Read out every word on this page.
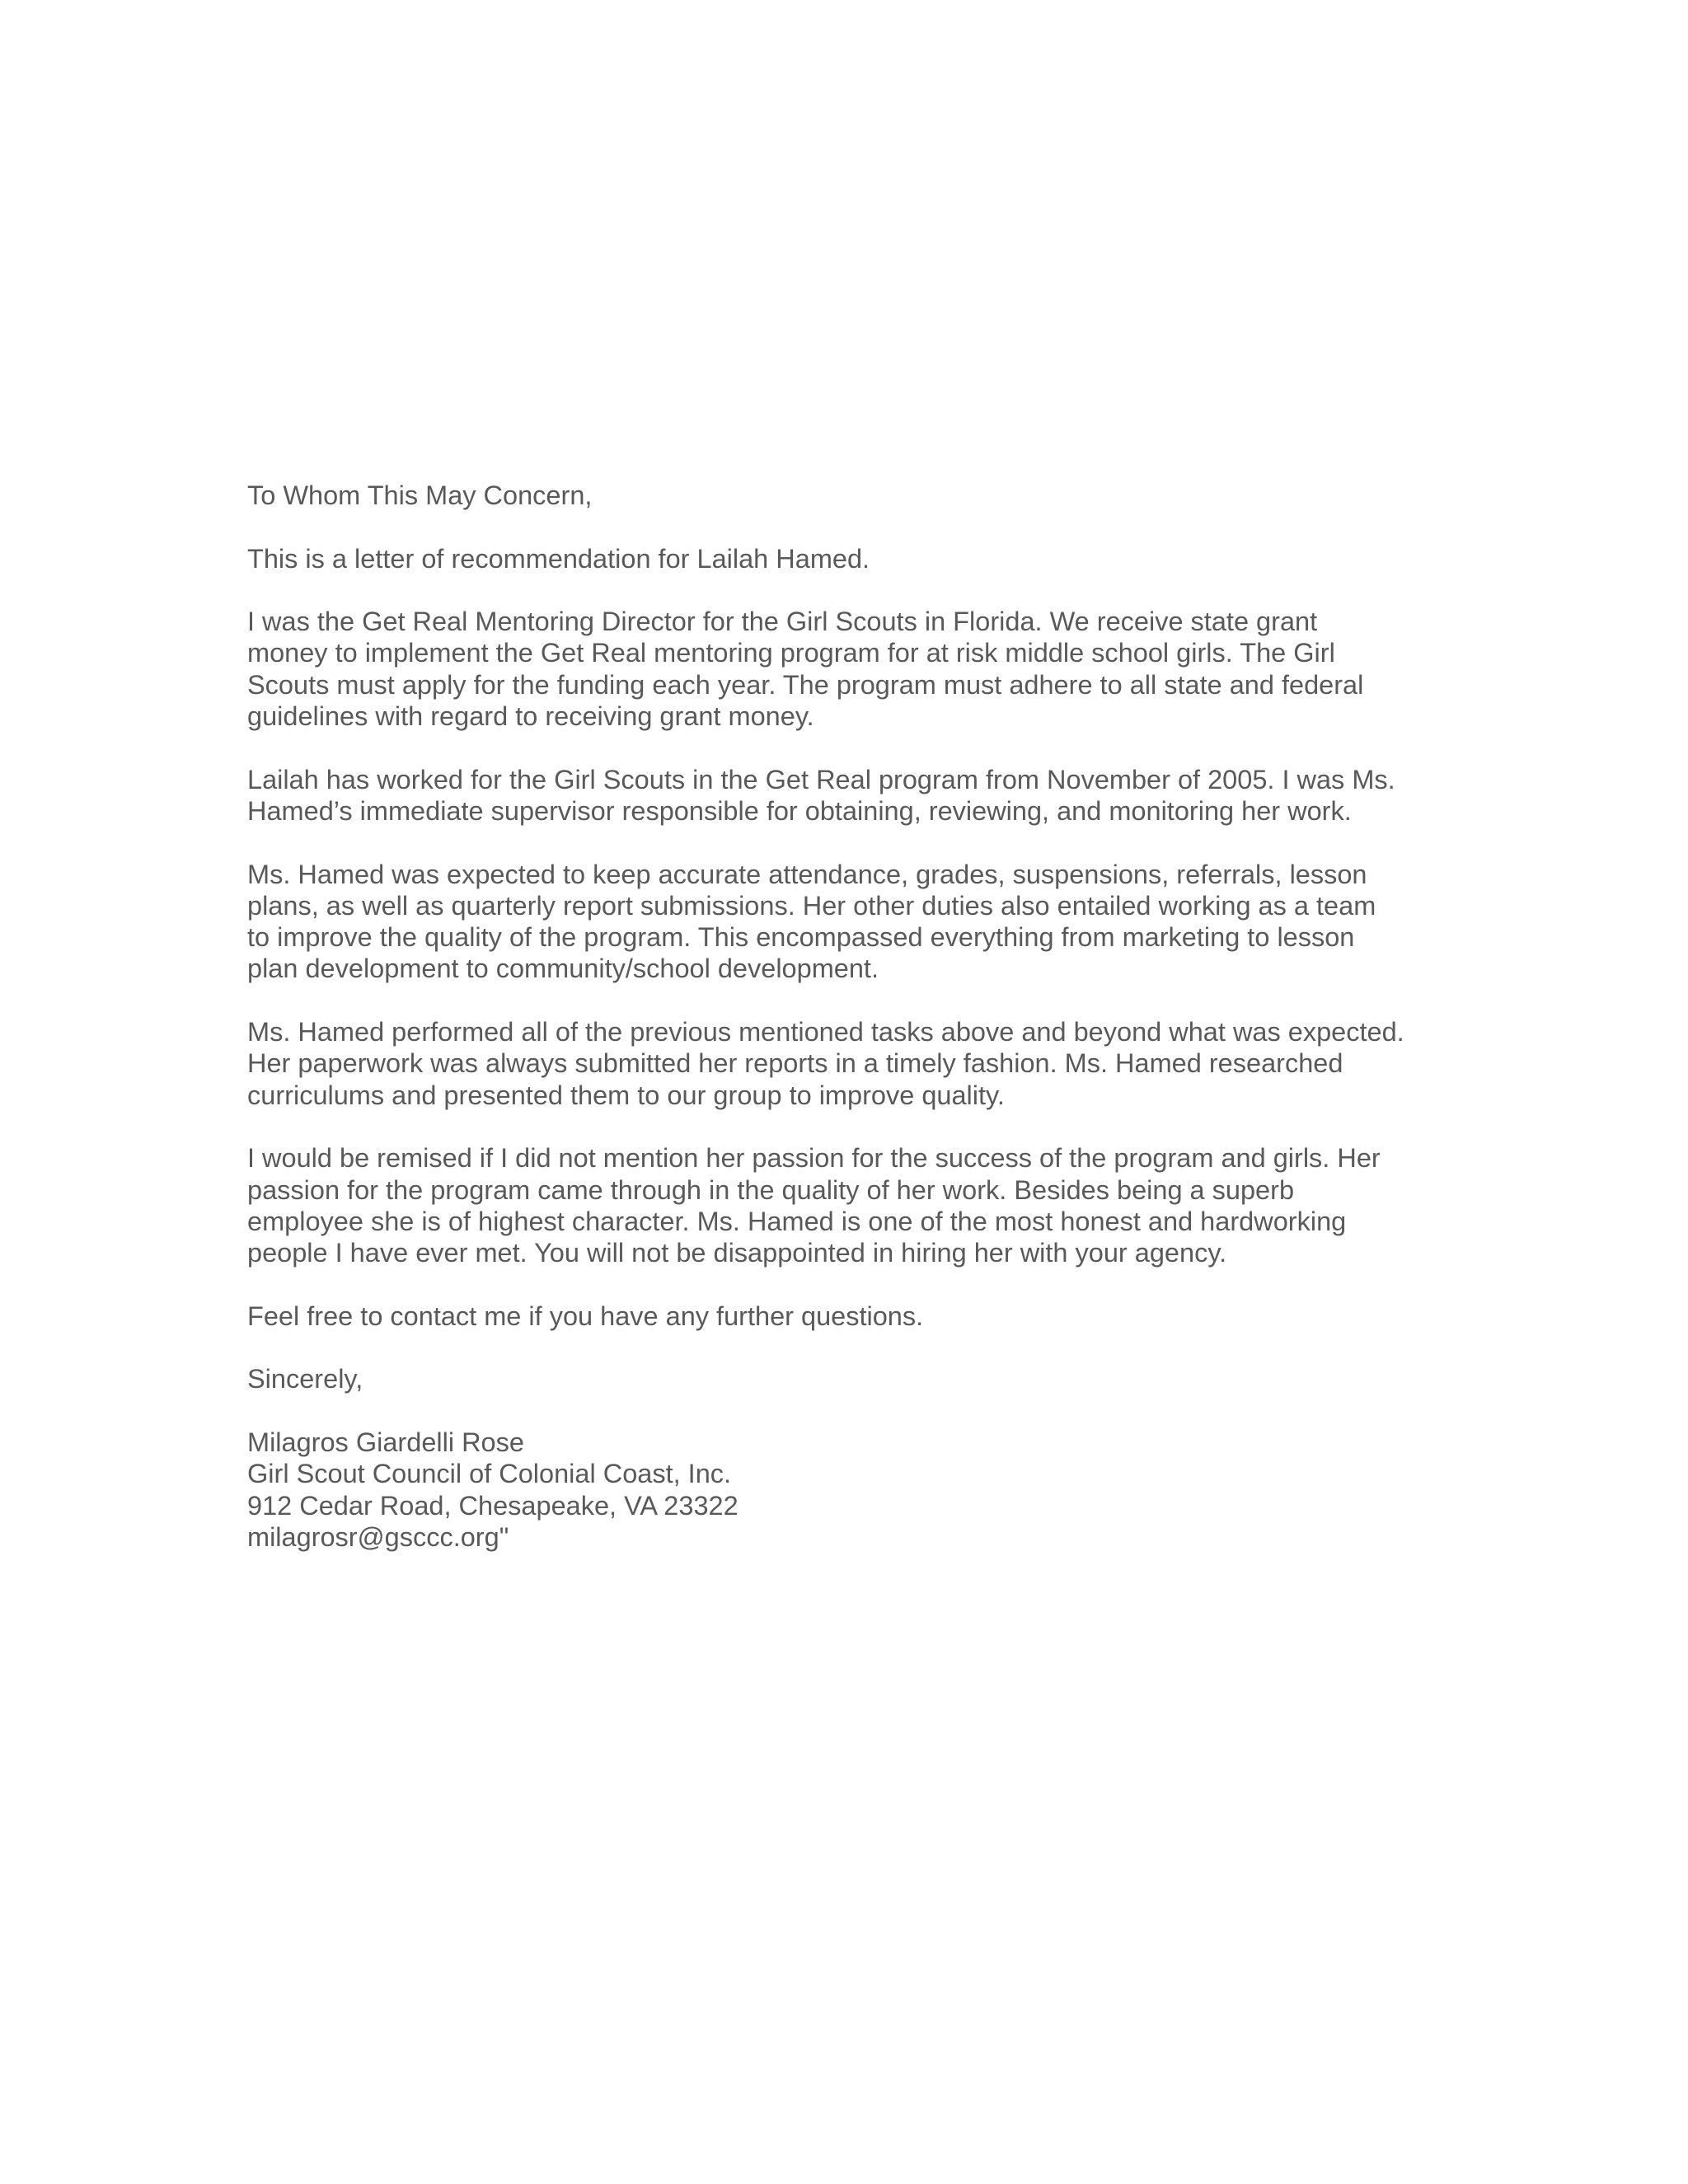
To Whom This May Concern,

This is a letter of recommendation for Lailah Hamed.

I was the Get Real Mentoring Director for the Girl Scouts in Florida. We receive state grant
money to implement the Get Real mentoring program for at risk middle school girls. The Girl
Scouts must apply for the funding each year. The program must adhere to all state and federal
guidelines with regard to receiving grant money.
Lailah has worked for the Girl Scouts in the Get Real program from November of 2005. I was Ms.
Hamed’s immediate supervisor responsible for obtaining, reviewing, and monitoring her work.
Ms. Hamed was expected to keep accurate attendance, grades, suspensions, referrals, lesson
plans, as well as quarterly report submissions. Her other duties also entailed working as a team
to improve the quality of the program. This encompassed everything from marketing to lesson
plan development to community/school development.
Ms. Hamed performed all of the previous mentioned tasks above and beyond what was expected.
Her paperwork was always submitted her reports in a timely fashion. Ms. Hamed researched
curriculums and presented them to our group to improve quality.
I would be remised if I did not mention her passion for the success of the program and girls. Her
passion for the program came through in the quality of her work. Besides being a superb
employee she is of highest character. Ms. Hamed is one of the most honest and hardworking
people I have ever met. You will not be disappointed in hiring her with your agency.

Feel free to contact me if you have any further questions.

Sincerely,

Milagros Giardelli Rose
Girl Scout Council of Colonial Coast, Inc.
912 Cedar Road, Chesapeake, VA 23322
milagrosr@gsccc.org"
